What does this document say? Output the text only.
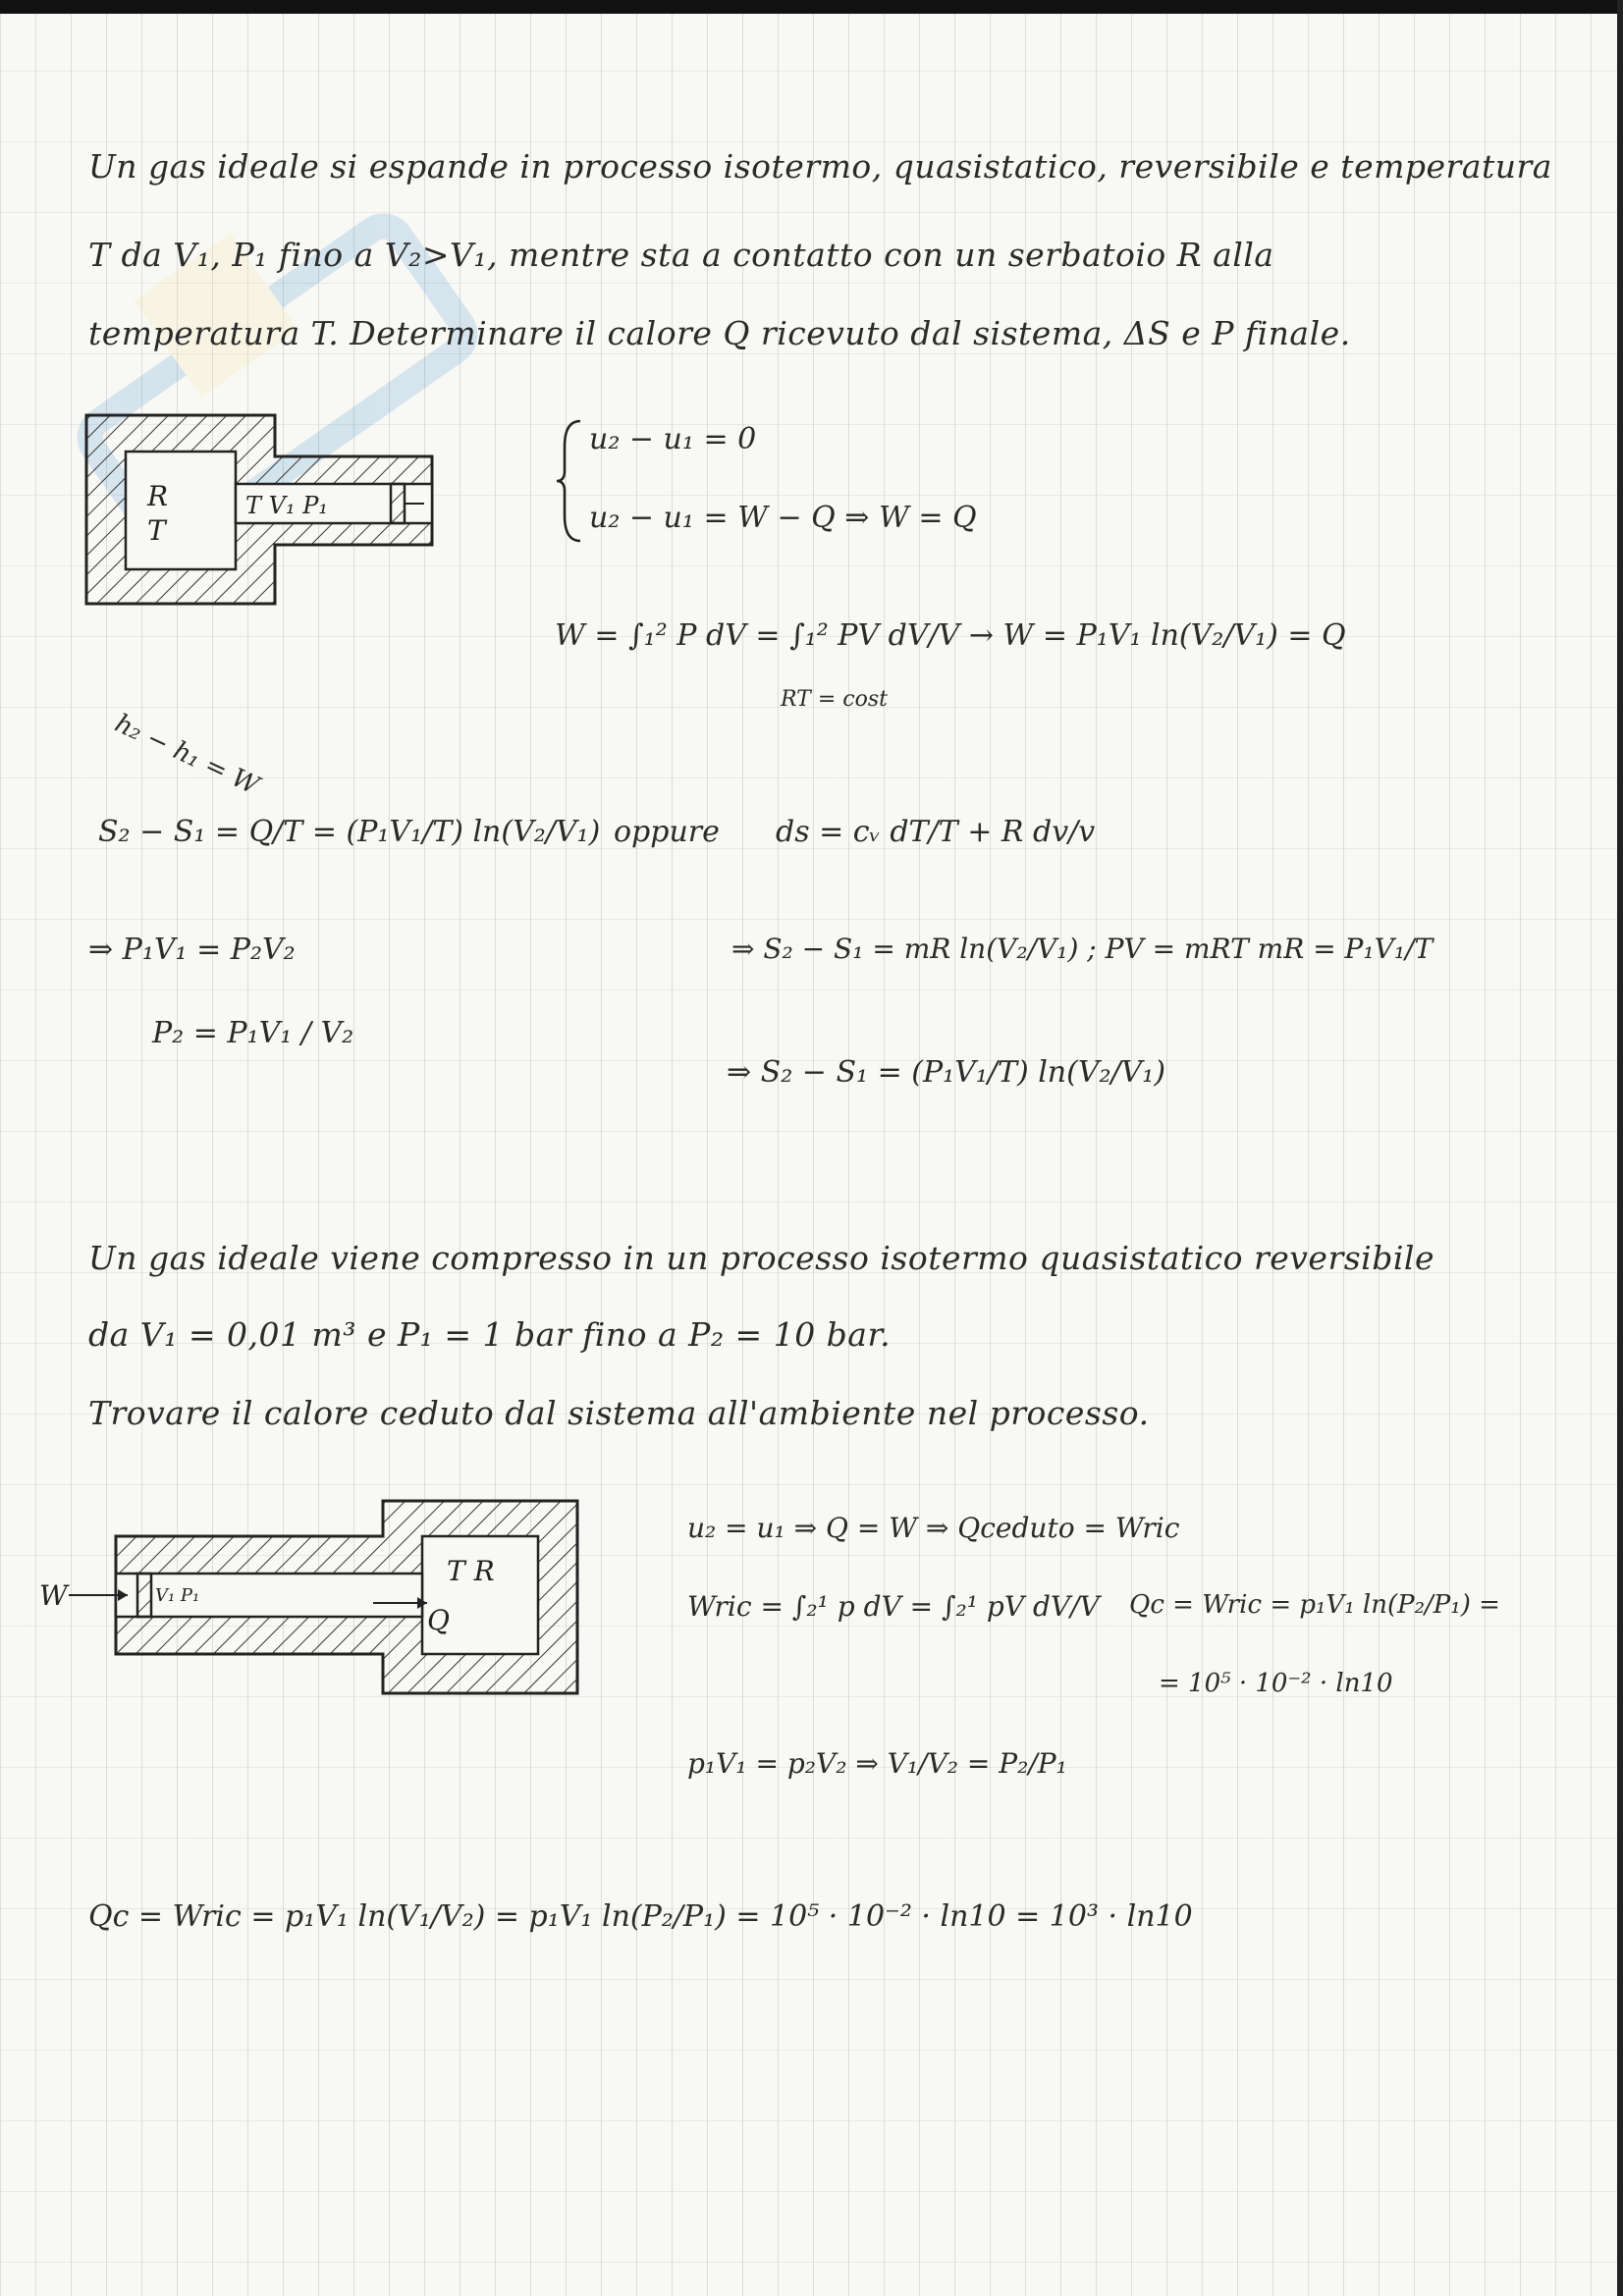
Un gas ideale si espande in processo isotermo, quasistatico, reversibile e temperatura
T da V₁, P₁ fino a V₂>V₁, mentre sta a contatto con un serbatoio R alla
temperatura T. Determinare il calore Q ricevuto dal sistema, ΔS e P finale.
R
T
T V₁ P₁
u₂ − u₁ = 0
u₂ − u₁ = W − Q ⇒ W = Q
W = ∫₁² P dV = ∫₁² PV dV/V → W = P₁V₁ ln(V₂/V₁) = Q
RT = cost
h₂ − h₁ = W
S₂ − S₁ = Q/T = (P₁V₁/T) ln(V₂/V₁) oppure ds = cᵥ dT/T + R dv/v
⇒ P₁V₁ = P₂V₂	⇒ S₂ − S₁ = mR ln(V₂/V₁) ; PV = mRT mR = P₁V₁/T
P₂ = P₁V₁ / V₂
⇒ S₂ − S₁ = (P₁V₁/T) ln(V₂/V₁)
Un gas ideale viene compresso in un processo isotermo quasistatico reversibile
da V₁ = 0,01 m³ e P₁ = 1 bar fino a P₂ = 10 bar.
Trovare il calore ceduto dal sistema all'ambiente nel processo.
W	V₁ P₁
T R
Q
u₂ = u₁ ⇒ Q = W ⇒ Qceduto = Wric
Wric = ∫₂¹ p dV = ∫₂¹ pV dV/V Qc = Wric = p₁V₁ ln(P₂/P₁) =
= 10⁵ · 10⁻² · ln10
p₁V₁ = p₂V₂ ⇒ V₁/V₂ = P₂/P₁
Qc = Wric = p₁V₁ ln(V₁/V₂) = p₁V₁ ln(P₂/P₁) = 10⁵ · 10⁻² · ln10 = 10³ · ln10
